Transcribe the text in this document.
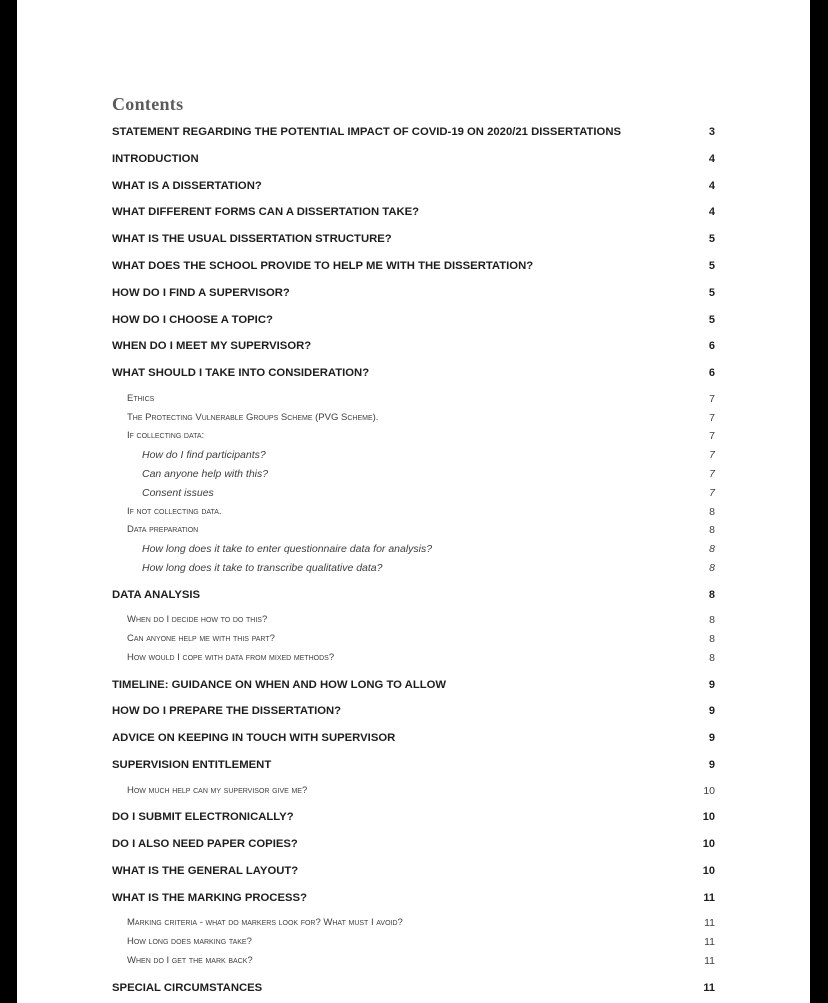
Contents
STATEMENT REGARDING THE POTENTIAL IMPACT OF COVID-19 ON 2020/21 DISSERTATIONS	3
INTRODUCTION	4
WHAT IS A DISSERTATION?	4
WHAT DIFFERENT FORMS CAN A DISSERTATION TAKE?	4
WHAT IS THE USUAL DISSERTATION STRUCTURE?	5
WHAT DOES THE SCHOOL PROVIDE TO HELP ME WITH THE DISSERTATION?	5
HOW DO I FIND A SUPERVISOR?	5
HOW DO I CHOOSE A TOPIC?	5
WHEN DO I MEET MY SUPERVISOR?	6
WHAT SHOULD I TAKE INTO CONSIDERATION?	6
Ethics	7
The Protecting Vulnerable Groups Scheme (PVG Scheme).	7
If collecting data:	7
How do I find participants?	7
Can anyone help with this?	7
Consent issues	7
If not collecting data.	8
Data preparation	8
How long does it take to enter questionnaire data for analysis?	8
How long does it take to transcribe qualitative data?	8
DATA ANALYSIS	8
When do I decide how to do this?	8
Can anyone help me with this part?	8
How would I cope with data from mixed methods?	8
TIMELINE: GUIDANCE ON WHEN AND HOW LONG TO ALLOW	9
HOW DO I PREPARE THE DISSERTATION?	9
ADVICE ON KEEPING IN TOUCH WITH SUPERVISOR	9
SUPERVISION ENTITLEMENT	9
How much help can my supervisor give me?	10
DO I SUBMIT ELECTRONICALLY?	10
DO I ALSO NEED PAPER COPIES?	10
WHAT IS THE GENERAL LAYOUT?	10
WHAT IS THE MARKING PROCESS?	11
Marking criteria - what do markers look for? What must I avoid?	11
How long does marking take?	11
When do I get the mark back?	11
SPECIAL CIRCUMSTANCES	11
